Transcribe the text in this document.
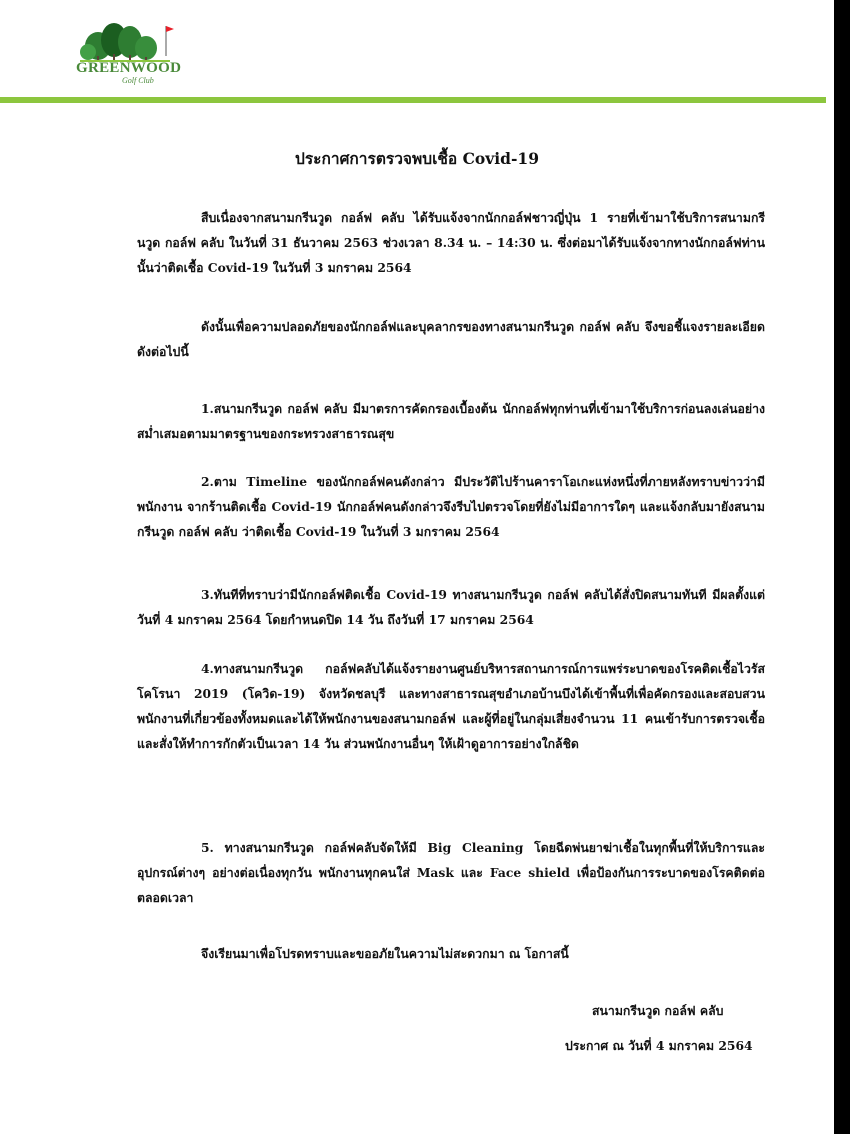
GREENWOOD
Golf Club
ประกาศการตรวจพบเชื้อ Covid-19

สืบเนื่องจากสนามกรีนวูด กอล์ฟ คลับ ได้รับแจ้งจากนักกอล์ฟชาวญี่ปุ่น 1 รายที่เข้ามาใช้บริการสนามกรีนวูด กอล์ฟ คลับ ในวันที่ 31 ธันวาคม 2563 ช่วงเวลา 8.34 น. – 14:30 น. ซึ่งต่อมาได้รับแจ้งจากทางนักกอล์ฟท่านนั้นว่าติดเชื้อ Covid-19 ในวันที่ 3 มกราคม 2564

ดังนั้นเพื่อความปลอดภัยของนักกอล์ฟและบุคลากรของทางสนามกรีนวูด กอล์ฟ คลับ จึงขอชี้แจงรายละเอียด ดังต่อไปนี้

1.สนามกรีนวูด กอล์ฟ คลับ มีมาตรการคัดกรองเบื้องต้น นักกอล์ฟทุกท่านที่เข้ามาใช้บริการก่อนลงเล่นอย่างสม่ำเสมอตามมาตรฐานของกระทรวงสาธารณสุข

2.ตาม Timeline ของนักกอล์ฟคนดังกล่าว มีประวัติไปร้านคาราโอเกะแห่งหนึ่งที่ภายหลังทราบข่าวว่ามีพนักงาน จากร้านติดเชื้อ Covid-19 นักกอล์ฟคนดังกล่าวจึงรีบไปตรวจโดยที่ยังไม่มีอาการใดๆ และแจ้งกลับมายังสนามกรีนวูด กอล์ฟ คลับ ว่าติดเชื้อ Covid-19 ในวันที่ 3 มกราคม 2564

3.ทันทีที่ทราบว่ามีนักกอล์ฟติดเชื้อ Covid-19 ทางสนามกรีนวูด กอล์ฟ คลับได้สั่งปิดสนามทันที มีผลตั้งแต่วันที่ 4 มกราคม 2564 โดยกำหนดปิด 14 วัน ถึงวันที่ 17 มกราคม 2564

4.ทางสนามกรีนวูด กอล์ฟคลับได้แจ้งรายงานศูนย์บริหารสถานการณ์การแพร่ระบาดของโรคติดเชื้อไวรัสโคโรนา 2019 (โควิด-19) จังหวัดชลบุรี และทางสาธารณสุขอำเภอบ้านบึงได้เข้าพื้นที่เพื่อคัดกรองและสอบสวนพนักงานที่เกี่ยวข้องทั้งหมดและได้ให้พนักงานของสนามกอล์ฟ และผู้ที่อยู่ในกลุ่มเสี่ยงจำนวน 11 คนเข้ารับการตรวจเชื้อและสั่งให้ทำการกักตัวเป็นเวลา 14 วัน ส่วนพนักงานอื่นๆ ให้เฝ้าดูอาการอย่างใกล้ชิด

5. ทางสนามกรีนวูด กอล์ฟคลับจัดให้มี Big Cleaning โดยฉีดพ่นยาฆ่าเชื้อในทุกพื้นที่ให้บริการและอุปกรณ์ต่างๆ อย่างต่อเนื่องทุกวัน พนักงานทุกคนใส่ Mask และ Face shield เพื่อป้องกันการระบาดของโรคติดต่อตลอดเวลา

จึงเรียนมาเพื่อโปรดทราบและขออภัยในความไม่สะดวกมา ณ โอกาสนี้

สนามกรีนวูด กอล์ฟ คลับ
ประกาศ ณ วันที่ 4 มกราคม 2564
